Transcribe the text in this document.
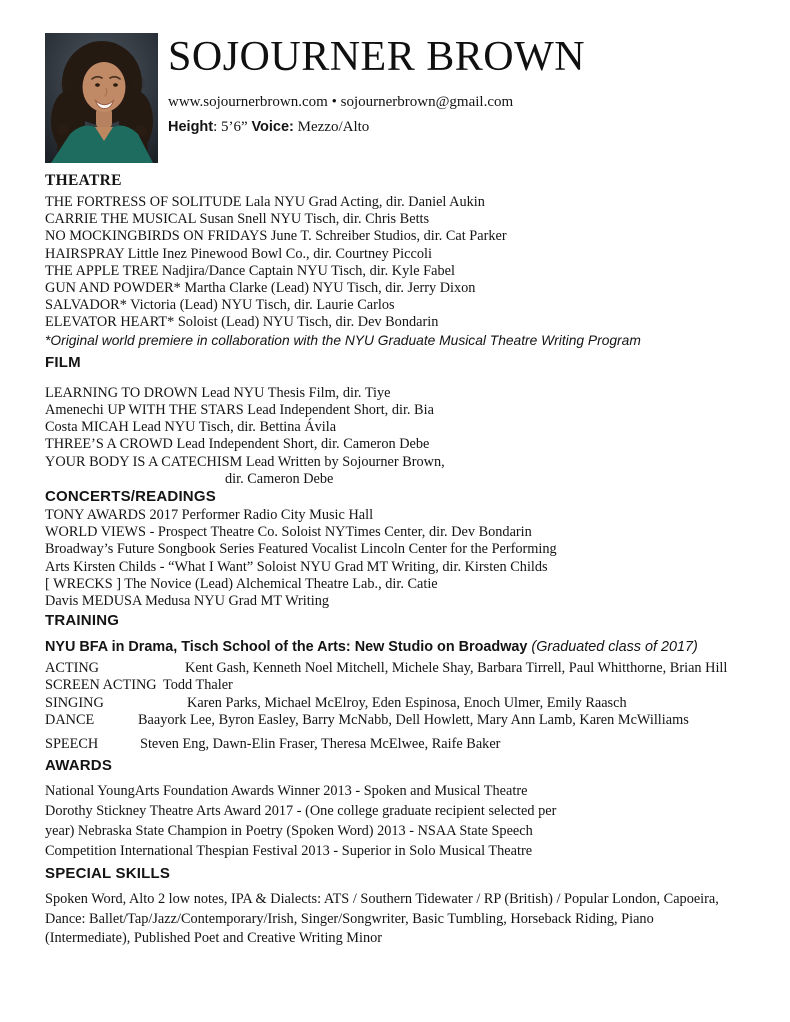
SOJOURNER BROWN
www.sojournerbrown.com • sojournerbrown@gmail.com
Height: 5’6” Voice: Mezzo/Alto
THEATRE
THE FORTRESS OF SOLITUDE Lala NYU Grad Acting, dir. Daniel Aukin
CARRIE THE MUSICAL Susan Snell NYU Tisch, dir. Chris Betts
NO MOCKINGBIRDS ON FRIDAYS June T. Schreiber Studios, dir. Cat Parker
HAIRSPRAY Little Inez Pinewood Bowl Co., dir. Courtney Piccoli
THE APPLE TREE Nadjira/Dance Captain NYU Tisch, dir. Kyle Fabel
GUN AND POWDER* Martha Clarke (Lead) NYU Tisch, dir. Jerry Dixon
SALVADOR* Victoria (Lead) NYU Tisch, dir. Laurie Carlos
ELEVATOR HEART* Soloist (Lead) NYU Tisch, dir. Dev Bondarin
*Original world premiere in collaboration with the NYU Graduate Musical Theatre Writing Program
FILM
LEARNING TO DROWN Lead NYU Thesis Film, dir. Tiye
Amenechi UP WITH THE STARS Lead Independent Short, dir. Bia
Costa MICAH Lead NYU Tisch, dir. Bettina Ávila
THREE’S A CROWD Lead Independent Short, dir. Cameron Debe
YOUR BODY IS A CATECHISM Lead Written by Sojourner Brown,
dir. Cameron Debe
CONCERTS/READINGS
TONY AWARDS 2017 Performer Radio City Music Hall
WORLD VIEWS - Prospect Theatre Co. Soloist NYTimes Center, dir. Dev Bondarin
Broadway’s Future Songbook Series Featured Vocalist Lincoln Center for the Performing
Arts Kirsten Childs - “What I Want” Soloist NYU Grad MT Writing, dir. Kirsten Childs
[ WRECKS ] The Novice (Lead) Alchemical Theatre Lab., dir. Catie
Davis MEDUSA Medusa NYU Grad MT Writing
TRAINING
NYU BFA in Drama, Tisch School of the Arts: New Studio on Broadway (Graduated class of 2017)
ACTING	Kent Gash, Kenneth Noel Mitchell, Michele Shay, Barbara Tirrell, Paul Whitthorne, Brian Hill
SCREEN ACTING Todd Thaler
SINGING	Karen Parks, Michael McElroy, Eden Espinosa, Enoch Ulmer, Emily Raasch
DANCE	Baayork Lee, Byron Easley, Barry McNabb, Dell Howlett, Mary Ann Lamb, Karen McWilliams
SPEECH	Steven Eng, Dawn-Elin Fraser, Theresa McElwee, Raife Baker
AWARDS
National YoungArts Foundation Awards Winner 2013 - Spoken and Musical Theatre
Dorothy Stickney Theatre Arts Award 2017 - (One college graduate recipient selected per
year) Nebraska State Champion in Poetry (Spoken Word) 2013 - NSAA State Speech
Competition International Thespian Festival 2013 - Superior in Solo Musical Theatre
SPECIAL SKILLS
Spoken Word, Alto 2 low notes, IPA & Dialects: ATS / Southern Tidewater / RP (British) / Popular London, Capoeira,
Dance: Ballet/Tap/Jazz/Contemporary/Irish, Singer/Songwriter, Basic Tumbling, Horseback Riding, Piano
(Intermediate), Published Poet and Creative Writing Minor
